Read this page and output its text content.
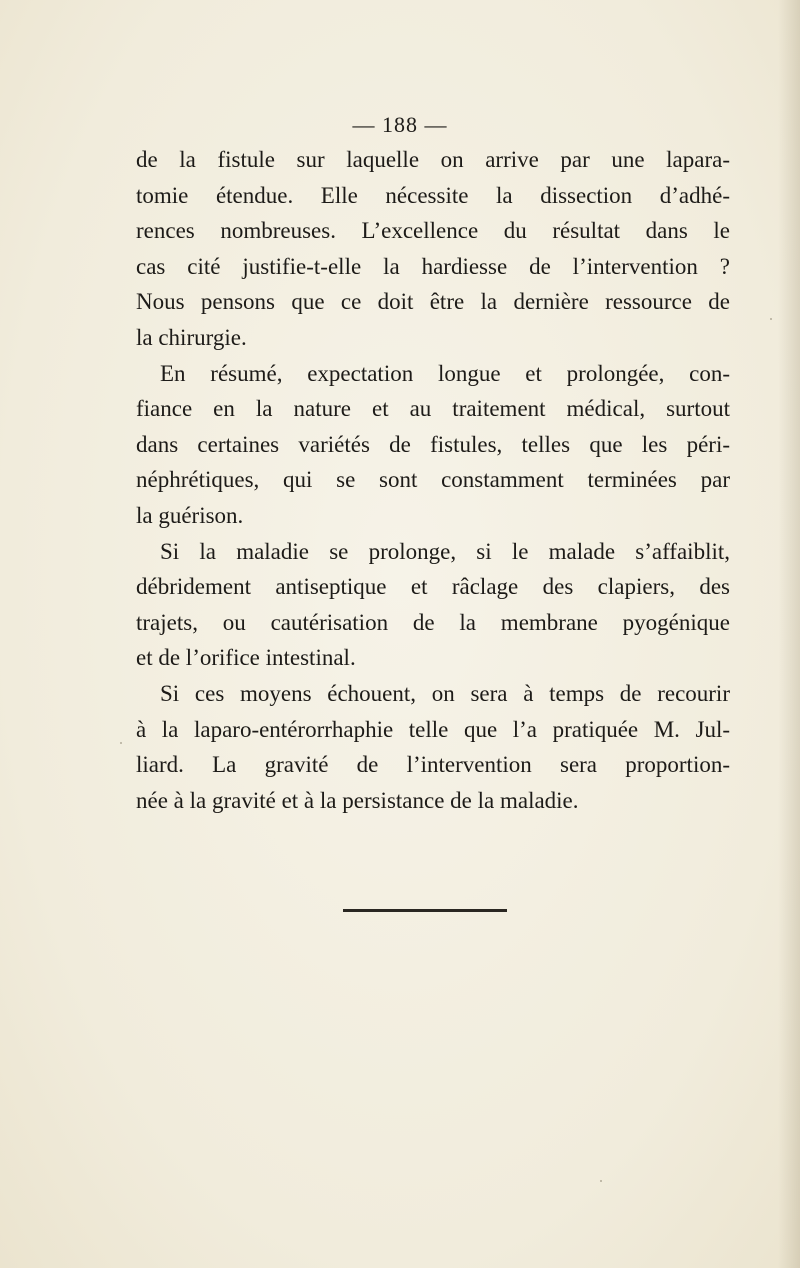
— 188 —

de la fistule sur laquelle on arrive par une lapara-
tomie étendue. Elle nécessite la dissection d’adhé-
rences nombreuses. L’excellence du résultat dans le
cas cité justifie-t-elle la hardiesse de l’intervention ?
Nous pensons que ce doit être la dernière ressource de
la chirurgie.

En résumé, expectation longue et prolongée, con-
fiance en la nature et au traitement médical, surtout
dans certaines variétés de fistules, telles que les péri-
néphrétiques, qui se sont constamment terminées par
la guérison.

Si la maladie se prolonge, si le malade s’affaiblit,
débridement antiseptique et râclage des clapiers, des
trajets, ou cautérisation de la membrane pyogénique
et de l’orifice intestinal.

Si ces moyens échouent, on sera à temps de recourir
à la laparo-entérorrhaphie telle que l’a pratiquée M. Jul-
liard. La gravité de l’intervention sera proportion-
née à la gravité et à la persistance de la maladie.
